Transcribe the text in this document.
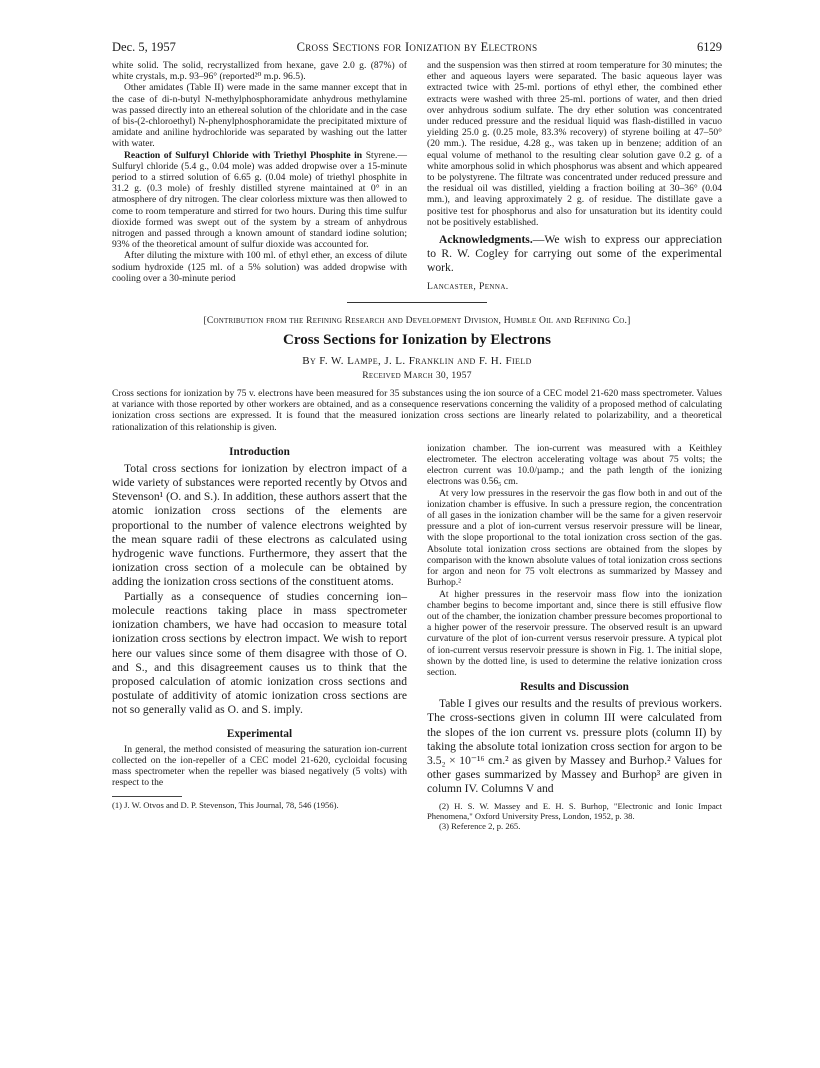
Dec. 5, 1957	Cross Sections for Ionization by Electrons	6129

white solid. The solid, recrystallized from hexane, gave 2.0 g. (87%) of white crystals, m.p. 93–96° (reported²⁰ m.p. 96.5).

Other amidates (Table II) were made in the same manner except that in the case of di-n-butyl N-methylphosphoramidate anhydrous methylamine was passed directly into an ethereal solution of the chloridate and in the case of bis-(2-chloroethyl) N-phenylphosphoramidate the precipitated mixture of amidate and aniline hydrochloride was separated by washing out the latter with water.

Reaction of Sulfuryl Chloride with Triethyl Phosphite in Styrene.—Sulfuryl chloride (5.4 g., 0.04 mole) was added dropwise over a 15-minute period to a stirred solution of 6.65 g. (0.04 mole) of triethyl phosphite in 31.2 g. (0.3 mole) of freshly distilled styrene maintained at 0° in an atmosphere of dry nitrogen. The clear colorless mixture was then allowed to come to room temperature and stirred for two hours. During this time sulfur dioxide formed was swept out of the system by a stream of anhydrous nitrogen and passed through a known amount of standard iodine solution; 93% of the theoretical amount of sulfur dioxide was accounted for.

After diluting the mixture with 100 ml. of ethyl ether, an excess of dilute sodium hydroxide (125 ml. of a 5% solution) was added dropwise with cooling over a 30-minute period

and the suspension was then stirred at room temperature for 30 minutes; the ether and aqueous layers were separated. The basic aqueous layer was extracted twice with 25-ml. portions of ethyl ether, the combined ether extracts were washed with three 25-ml. portions of water, and then dried over anhydrous sodium sulfate. The dry ether solution was concentrated under reduced pressure and the residual liquid was flash-distilled in vacuo yielding 25.0 g. (0.25 mole, 83.3% recovery) of styrene boiling at 47–50° (20 mm.). The residue, 4.28 g., was taken up in benzene; addition of an equal volume of methanol to the resulting clear solution gave 0.2 g. of a white amorphous solid in which phosphorus was absent and which appeared to be polystyrene. The filtrate was concentrated under reduced pressure and the residual oil was distilled, yielding a fraction boiling at 30–36° (0.04 mm.), and leaving approximately 2 g. of residue. The distillate gave a positive test for phosphorus and also for unsaturation but its identity could not be positively established.

Acknowledgments.—We wish to express our appreciation to R. W. Cogley for carrying out some of the experimental work.

Lancaster, Penna.
[Contribution from the Refining Research and Development Division, Humble Oil and Refining Co.]
Cross Sections for Ionization by Electrons
By F. W. Lampe, J. L. Franklin and F. H. Field
Received March 30, 1957

Cross sections for ionization by 75 v. electrons have been measured for 35 substances using the ion source of a CEC model 21-620 mass spectrometer. Values at variance with those reported by other workers are obtained, and as a consequence reservations concerning the validity of a proposed method of calculating ionization cross sections are expressed. It is found that the measured ionization cross sections are linearly related to polarizability, and a theoretical rationalization of this relationship is given.

Introduction

Total cross sections for ionization by electron impact of a wide variety of substances were reported recently by Otvos and Stevenson¹ (O. and S.). In addition, these authors assert that the atomic ionization cross sections of the elements are proportional to the number of valence electrons weighted by the mean square radii of these electrons as calculated using hydrogenic wave functions. Furthermore, they assert that the ionization cross section of a molecule can be obtained by adding the ionization cross sections of the constituent atoms.

Partially as a consequence of studies concerning ion–molecule reactions taking place in mass spectrometer ionization chambers, we have had occasion to measure total ionization cross sections by electron impact. We wish to report here our values since some of them disagree with those of O. and S., and this disagreement causes us to think that the proposed calculation of atomic ionization cross sections and postulate of additivity of atomic ionization cross sections are not so generally valid as O. and S. imply.

Experimental

In general, the method consisted of measuring the saturation ion-current collected on the ion-repeller of a CEC model 21-620, cycloidal focusing mass spectrometer when the repeller was biased negatively (5 volts) with respect to the

(1) J. W. Otvos and D. P. Stevenson, This Journal, 78, 546 (1956).

ionization chamber. The ion-current was measured with a Keithley electrometer. The electron accelerating voltage was about 75 volts; the electron current was 10.0/µamp.; and the path length of the ionizing electrons was 0.56₅ cm.

At very low pressures in the reservoir the gas flow both in and out of the ionization chamber is effusive. In such a pressure region, the concentration of all gases in the ionization chamber will be the same for a given reservoir pressure and a plot of ion-current versus reservoir pressure will be linear, with the slope proportional to the total ionization cross section of the gas. Absolute total ionization cross sections are obtained from the slopes by comparison with the known absolute values of total ionization cross sections for argon and neon for 75 volt electrons as summarized by Massey and Burhop.²

At higher pressures in the reservoir mass flow into the ionization chamber begins to become important and, since there is still effusive flow out of the chamber, the ionization chamber pressure becomes proportional to a higher power of the reservoir pressure. The observed result is an upward curvature of the plot of ion-current versus reservoir pressure. A typical plot of ion-current versus reservoir pressure is shown in Fig. 1. The initial slope, shown by the dotted line, is used to determine the relative ionization cross section.

Results and Discussion

Table I gives our results and the results of previous workers. The cross-sections given in column III were calculated from the slopes of the ion current vs. pressure plots (column II) by taking the absolute total ionization cross section for argon to be 3.5₂ × 10⁻¹⁶ cm.² as given by Massey and Burhop.² Values for other gases summarized by Massey and Burhop³ are given in column IV. Columns V and

(2) H. S. W. Massey and E. H. S. Burhop, "Electronic and Ionic Impact Phenomena," Oxford University Press, London, 1952, p. 38.

(3) Reference 2, p. 265.
